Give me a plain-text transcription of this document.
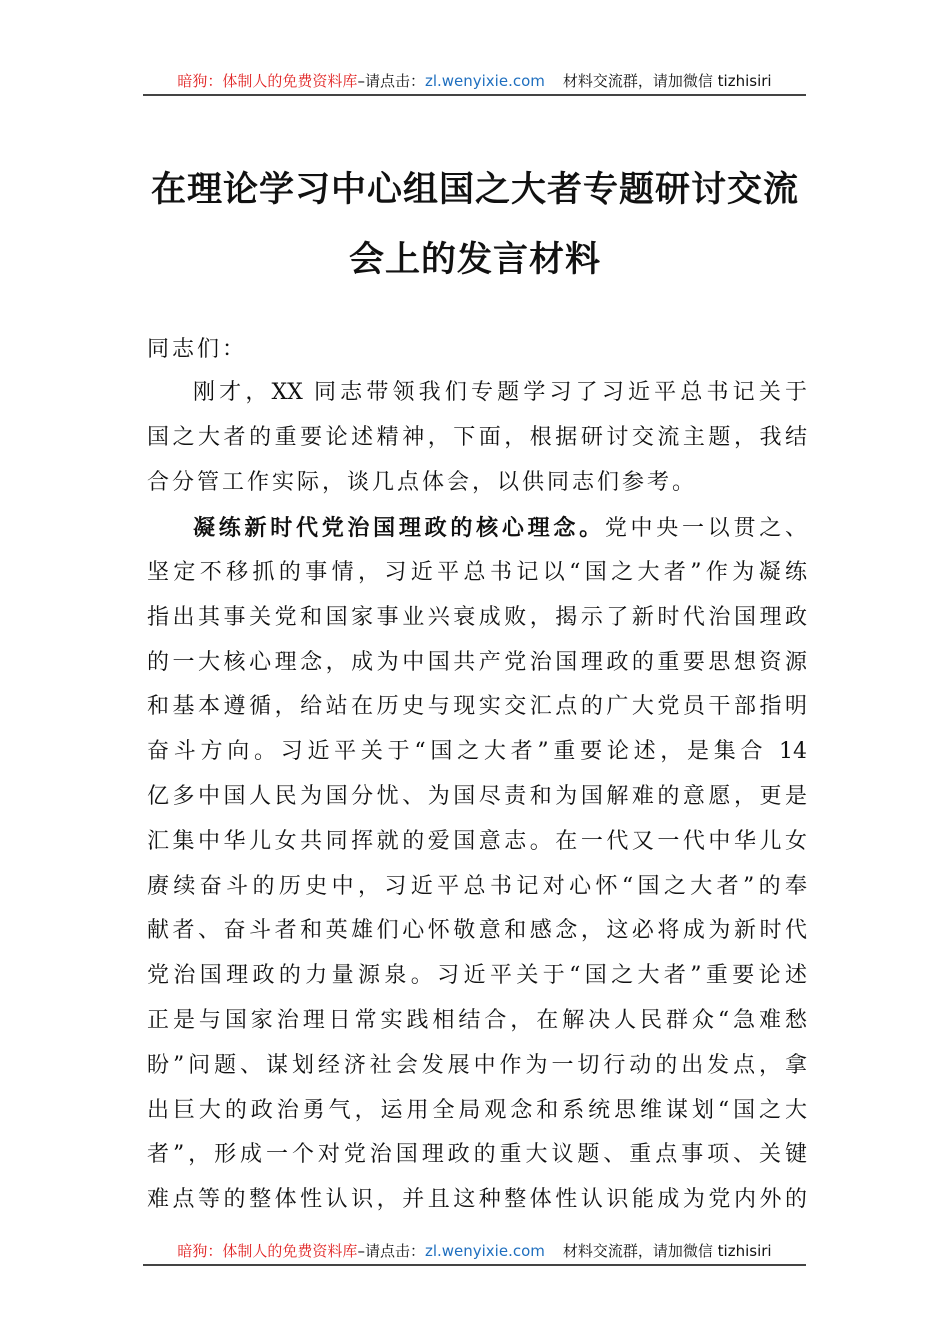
暗狗：体制人的免费资料库 –请点击： zl.wenyixie.com 材料交流群，请加微信 tizhisiri
在理论学习中心组国之大者专题研讨交流
会上的发言材料
同志们：
刚才，XX 同志带领我们专题学习了习近平总书记关于
国之大者的重要论述精神，下面，根据研讨交流主题，我结
合分管工作实际，谈几点体会，以供同志们参考。
凝练新时代党治国理政的核心理念。党中央一以贯之、
坚定不移抓的事情，习近平总书记以“国之大者”作为凝练
指出其事关党和国家事业兴衰成败，揭示了新时代治国理政
的一大核心理念，成为中国共产党治国理政的重要思想资源
和基本遵循，给站在历史与现实交汇点的广大党员干部指明
奋斗方向。习近平关于“国之大者”重要论述，是集合 14
亿多中国人民为国分忧、为国尽责和为国解难的意愿，更是
汇集中华儿女共同挥就的爱国意志。在一代又一代中华儿女
赓续奋斗的历史中，习近平总书记对心怀“国之大者”的奉
献者、奋斗者和英雄们心怀敬意和感念，这必将成为新时代
党治国理政的力量源泉。习近平关于“国之大者”重要论述
正是与国家治理日常实践相结合，在解决人民群众“急难愁
盼”问题、谋划经济社会发展中作为一切行动的出发点，拿
出巨大的政治勇气，运用全局观念和系统思维谋划“国之大
者”，形成一个对党治国理政的重大议题、重点事项、关键
难点等的整体性认识，并且这种整体性认识能成为党内外的
暗狗：体制人的免费资料库 –请点击： zl.wenyixie.com 材料交流群，请加微信 tizhisiri
